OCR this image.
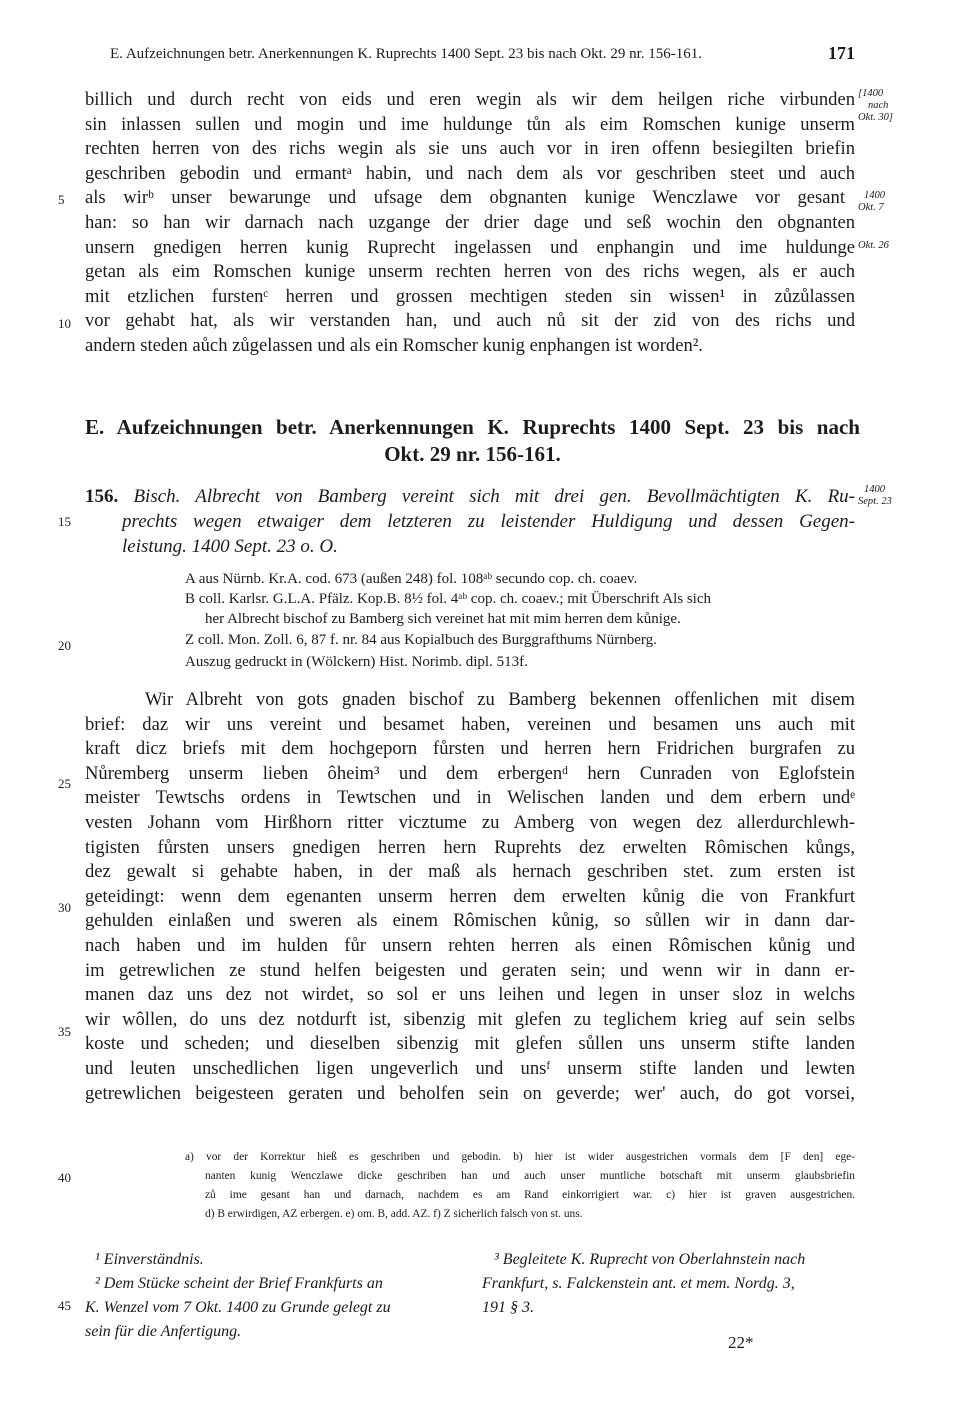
E. Aufzeichnungen betr. Anerkennungen K. Ruprechts 1400 Sept. 23 bis nach Okt. 29 nr. 156-161.	171
billich und durch recht von eids und eren wegin als wir dem heilgen riche virbunden
sin inlassen sullen und mogin und ime huldunge tůn als eim Romschen kunige unserm
rechten herren von des richs wegin als sie uns auch vor in iren offenn besiegilten briefin
geschriben gebodin und ermantᵃ habin, und nach dem als vor geschriben steet und auch
als wirᵇ unser bewarunge und ufsage dem obgnanten kunige Wenczlawe vor gesant
han: so han wir darnach nach uzgange der drier dage und seß wochin den obgnanten
unsern gnedigen herren kunig Ruprecht ingelassen und enphangin und ime huldunge
getan als eim Romschen kunige unserm rechten herren von des richs wegen, als er auch
mit etzlichen furstenᶜ herren und grossen mechtigen steden sin wissen¹ in zůzůlassen
vor gehabt hat, als wir verstanden han, und auch nů sit der zid von des richs und
andern steden aůch zůgelassen und als ein Romscher kunig enphangen ist worden².
5
10
[1400
nach
Okt. 30]
1400
Okt. 7
Okt. 26
1400
Sept. 23
E. Aufzeichnungen betr. Anerkennungen K. Ruprechts 1400 Sept. 23 bis nach
Okt. 29 nr. 156-161.
156. Bisch. Albrecht von Bamberg vereint sich mit drei gen. Bevollmächtigten K. Ru-
prechts wegen etwaiger dem letzteren zu leistender Huldigung und dessen Gegen-
leistung. 1400 Sept. 23 o. O.
15
A aus Nürnb. Kr.A. cod. 673 (außen 248) fol. 108ᵃᵇ secundo cop. ch. coaev.
B coll. Karlsr. G.L.A. Pfälz. Kop.B. 8½ fol. 4ᵃᵇ cop. ch. coaev.; mit Überschrift Als sich
her Albrecht bischof zu Bamberg sich vereinet hat mit mim herren dem kůnige.
Z coll. Mon. Zoll. 6, 87 f. nr. 84 aus Kopialbuch des Burggrafthums Nürnberg.
Auszug gedruckt in (Wölckern) Hist. Norimb. dipl. 513f.
20
Wir Albreht von gots gnaden bischof zu Bamberg bekennen offenlichen mit disem
brief: daz wir uns vereint und besamet haben, vereinen und besamen uns auch mit
kraft dicz briefs mit dem hochgeporn fůrsten und herren hern Fridrichen burgrafen zu
Nůremberg unserm lieben ôheim³ und dem erbergenᵈ hern Cunraden von Eglofstein
meister Tewtschs ordens in Tewtschen und in Welischen landen und dem erbern undᵉ
vesten Johann vom Hirßhorn ritter vicztume zu Amberg von wegen dez allerdurchlewh-
tigisten fůrsten unsers gnedigen herren hern Ruprehts dez erwelten Rômischen kůngs,
dez gewalt si gehabte haben, in der maß als hernach geschriben stet. zum ersten ist
geteidingt: wenn dem egenanten unserm herren dem erwelten kůnig die von Frankfurt
gehulden einlaßen und sweren als einem Rômischen kůnig, so sůllen wir in dann dar-
nach haben und im hulden fůr unsern rehten herren als einen Rômischen kůnig und
im getrewlichen ze stund helfen beigesten und geraten sein; und wenn wir in dann er-
manen daz uns dez not wirdet, so sol er uns leihen und legen in unser sloz in welchs
wir wôllen, do uns dez notdurft ist, sibenzig mit glefen zu teglichem krieg auf sein selbs
koste und scheden; und dieselben sibenzig mit glefen sůllen uns unserm stifte landen
und leuten unschedlichen ligen ungeverlich und unsᶠ unserm stifte landen und lewten
getrewlichen beigesteen geraten und beholfen sein on geverde; wer' auch, do got vorsei,
25
30
35
a) vor der Korrektur hieß es geschriben und gebodin. b) hier ist wider ausgestrichen vormals dem [F den] ege-
nanten kunig Wenczlawe dicke geschriben han und auch unser muntliche botschaft mit unserm glaubsbriefin
zů ime gesant han und darnach, nachdem es am Rand einkorrigiert war. c) hier ist graven ausgestrichen.
d) B erwirdigen, AZ erbergen. e) om. B, add. AZ. f) Z sicherlich falsch von st. uns.
40
¹ Einverständnis.
² Dem Stücke scheint der Brief Frankfurts an
K. Wenzel vom 7 Okt. 1400 zu Grunde gelegt zu
sein für die Anfertigung.
³ Begleitete K. Ruprecht von Oberlahnstein nach
Frankfurt, s. Falckenstein ant. et mem. Nordg. 3,
191 § 3.
45
22*
